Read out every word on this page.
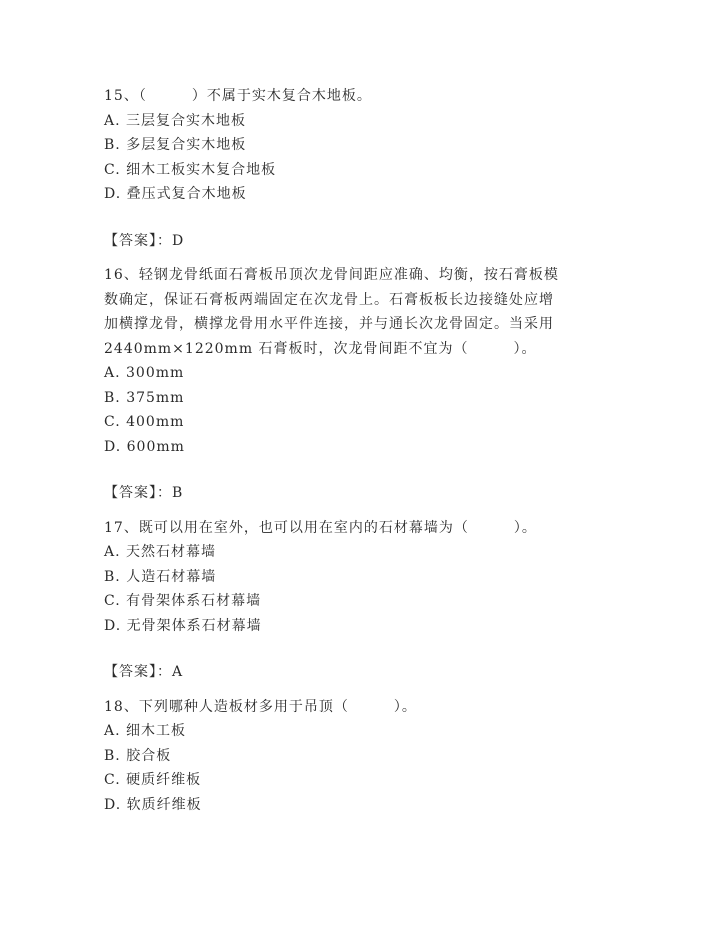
15、（　　　）不属于实木复合木地板。
A. 三层复合实木地板
B. 多层复合实木地板
C. 细木工板实木复合地板
D. 叠压式复合木地板
【答案】：D
16、轻钢龙骨纸面石膏板吊顶次龙骨间距应准确、均衡，按石膏板模
数确定，保证石膏板两端固定在次龙骨上。石膏板板长边接缝处应增
加横撑龙骨，横撑龙骨用水平件连接，并与通长次龙骨固定。当采用
2440mm×1220mm 石膏板时，次龙骨间距不宜为（　　　）。
A. 300mm
B. 375mm
C. 400mm
D. 600mm
【答案】：B
17、既可以用在室外，也可以用在室内的石材幕墙为（　　　）。
A. 天然石材幕墙
B. 人造石材幕墙
C. 有骨架体系石材幕墙
D. 无骨架体系石材幕墙
【答案】：A
18、下列哪种人造板材多用于吊顶（　　　）。
A. 细木工板
B. 胶合板
C. 硬质纤维板
D. 软质纤维板
